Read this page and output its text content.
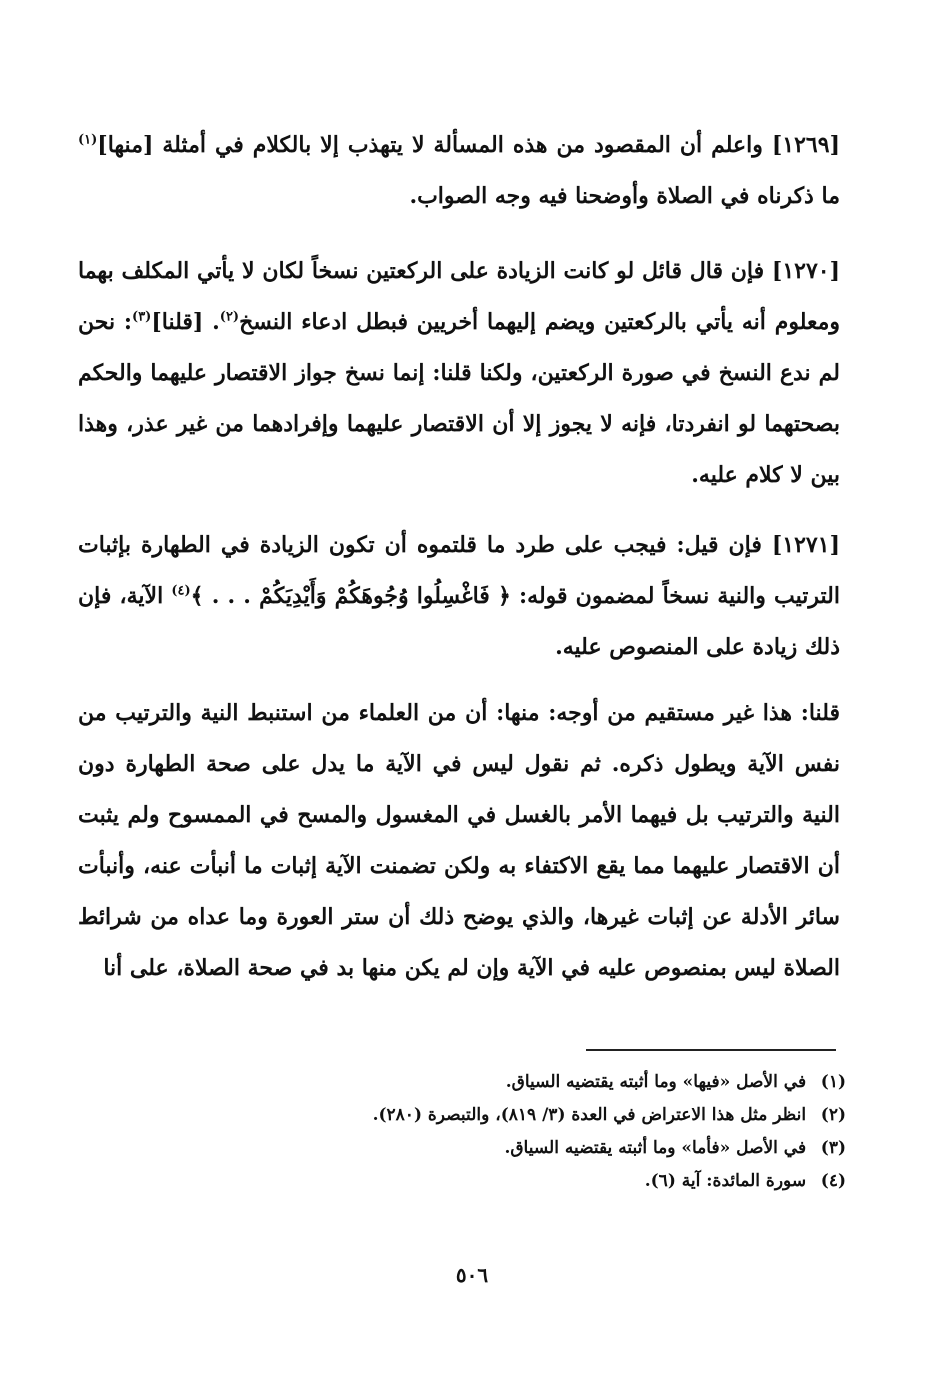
[١٢٦٩] واعلم أن المقصود من هذه المسألة لا يتهذب إلا بالكلام في أمثلة [منها]$^{(١)}$ ما ذكرناه في الصلاة وأوضحنا فيه وجه الصواب.

[١٢٧٠] فإن قال قائل لو كانت الزيادة على الركعتين نسخاً لكان لا يأتي المكلف بهما ومعلوم أنه يأتي بالركعتين ويضم إليهما أخريين فبطل ادعاء النسخ$^{(٢)}$. [قلنا]$^{(٣)}$: نحن لم ندع النسخ في صورة الركعتين، ولكنا قلنا: إنما نسخ جواز الاقتصار عليهما والحكم بصحتهما لو انفردتا، فإنه لا يجوز إلا أن الاقتصار عليهما وإفرادهما من غير عذر، وهذا بين لا كلام عليه.

[١٢٧١] فإن قيل: فيجب على طرد ما قلتموه أن تكون الزيادة في الطهارة بإثبات الترتيب والنية نسخاً لمضمون قوله: ﴿ فَاغْسِلُوا وُجُوهَكُمْ وَأَيْدِيَكُمْ . . . ﴾$^{(٤)}$ الآية، فإن ذلك زيادة على المنصوص عليه.

قلنا: هذا غير مستقيم من أوجه: منها: أن من العلماء من استنبط النية والترتيب من نفس الآية ويطول ذكره. ثم نقول ليس في الآية ما يدل على صحة الطهارة دون النية والترتيب بل فيهما الأمر بالغسل في المغسول والمسح في الممسوح ولم يثبت أن الاقتصار عليهما مما يقع الاكتفاء به ولكن تضمنت الآية إثبات ما أنبأت عنه، وأنبأت سائر الأدلة عن إثبات غيرها، والذي يوضح ذلك أن ستر العورة وما عداه من شرائط الصلاة ليس بمنصوص عليه في الآية وإن لم يكن منها بد في صحة الصلاة، على أنا

(١) في الأصل «فيها» وما أثبته يقتضيه السياق.

(٢) انظر مثل هذا الاعتراض في العدة (٣/ ٨١٩)، والتبصرة (٢٨٠).

(٣) في الأصل «فأما» وما أثبته يقتضيه السياق.

(٤) سورة المائدة: آية (٦).

٥٠٦
